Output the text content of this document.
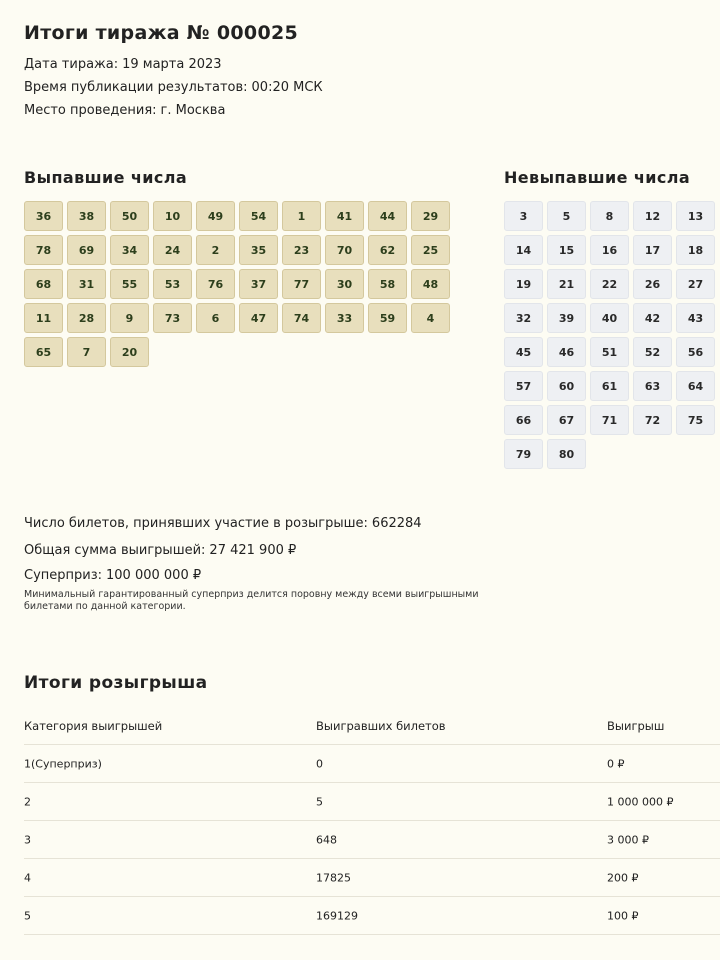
Итоги тиража № 000025
Дата тиража: 19 марта 2023
Время публикации результатов: 00:20 МСК
Место проведения: г. Москва
Выпавшие числа	Невыпавшие числа
36	38	50	10	49	54	1	41	44	29
78	69	34	24	2	35	23	70	62	25
68	31	55	53	76	37	77	30	58	48
11	28	9	73	6	47	74	33	59	4
65	7	20
3	5	8	12	13
14	15	16	17	18
19	21	22	26	27
32	39	40	42	43
45	46	51	52	56
57	60	61	63	64
66	67	71	72	75
79	80
Число билетов, принявших участие в розыгрыше: 662284
Общая сумма выигрышей: 27 421 900 ₽
Суперприз: 100 000 000 ₽
Минимальный гарантированный суперприз делится поровну между всеми выигрышными билетами по данной категории.
Итоги розыгрыша
Категория выигрышей	Выигравших билетов	Выигрыш
1(Суперприз)	0	0 ₽
2	5	1 000 000 ₽
3	648	3 000 ₽
4	17825	200 ₽
5	169129	100 ₽
